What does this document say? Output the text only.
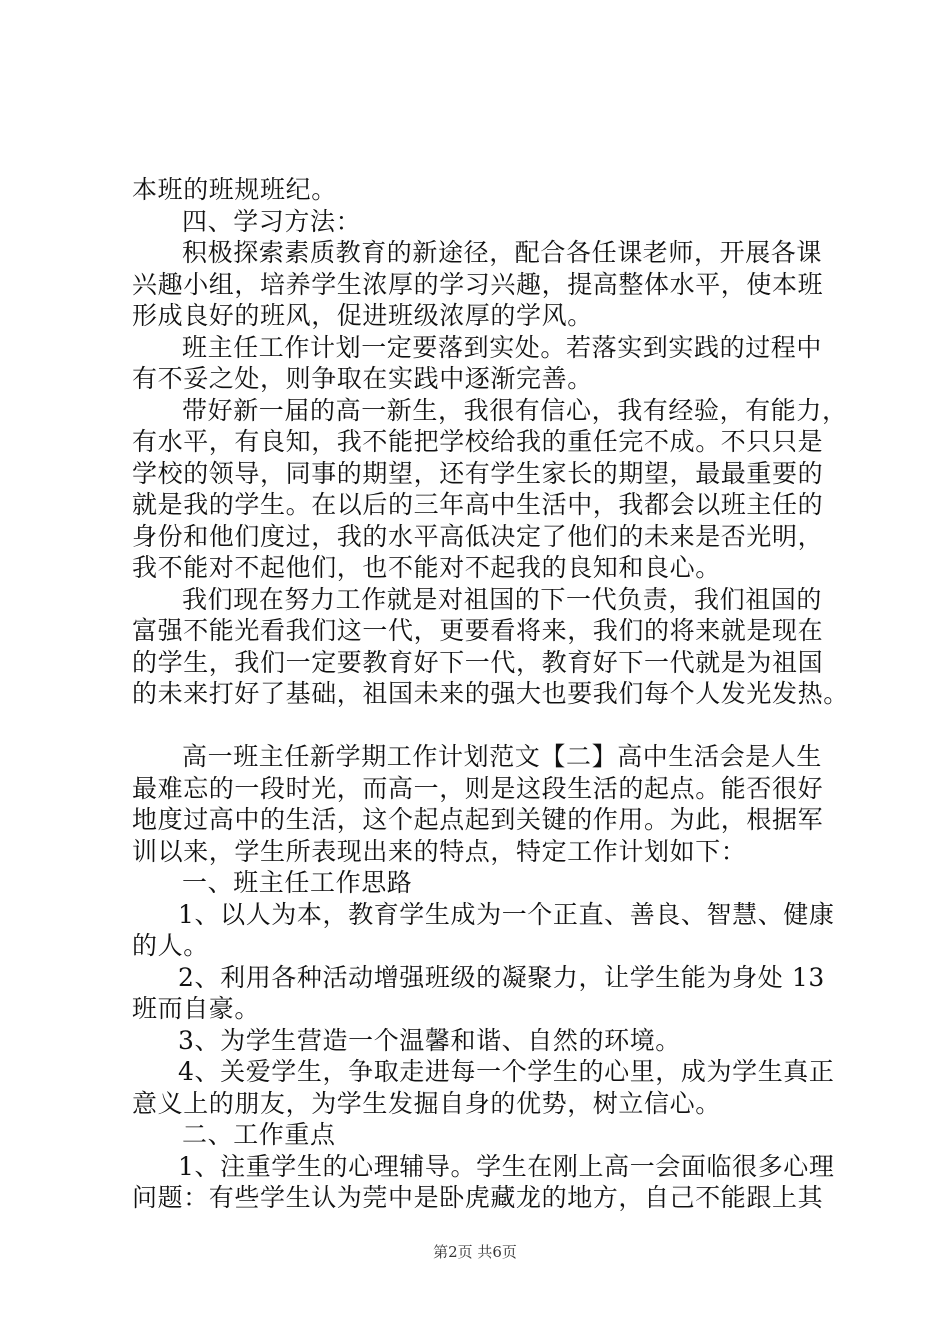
本班的班规班纪。
四、学习方法：
积极探索素质教育的新途径，配合各任课老师，开展各课
兴趣小组，培养学生浓厚的学习兴趣，提高整体水平，使本班
形成良好的班风，促进班级浓厚的学风。
班主任工作计划一定要落到实处。若落实到实践的过程中
有不妥之处，则争取在实践中逐渐完善。
带好新一届的高一新生，我很有信心，我有经验，有能力，
有水平，有良知，我不能把学校给我的重任完不成。不只只是
学校的领导，同事的期望，还有学生家长的期望，最最重要的
就是我的学生。在以后的三年高中生活中，我都会以班主任的
身份和他们度过，我的水平高低决定了他们的未来是否光明，
我不能对不起他们，也不能对不起我的良知和良心。
我们现在努力工作就是对祖国的下一代负责，我们祖国的
富强不能光看我们这一代，更要看将来，我们的将来就是现在
的学生，我们一定要教育好下一代，教育好下一代就是为祖国
的未来打好了基础，祖国未来的强大也要我们每个人发光发热。
高一班主任新学期工作计划范文【二】高中生活会是人生
最难忘的一段时光，而高一，则是这段生活的起点。能否很好
地度过高中的生活，这个起点起到关键的作用。为此，根据军
训以来，学生所表现出来的特点，特定工作计划如下：
一、班主任工作思路
1、以人为本，教育学生成为一个正直、善良、智慧、健康
的人。
2、利用各种活动增强班级的凝聚力，让学生能为身处 13
班而自豪。
3、为学生营造一个温馨和谐、自然的环境。
4、关爱学生，争取走进每一个学生的心里，成为学生真正
意义上的朋友，为学生发掘自身的优势，树立信心。
二、工作重点
1、注重学生的心理辅导。学生在刚上高一会面临很多心理
问题：有些学生认为莞中是卧虎藏龙的地方，自己不能跟上其
第2页 共6页
